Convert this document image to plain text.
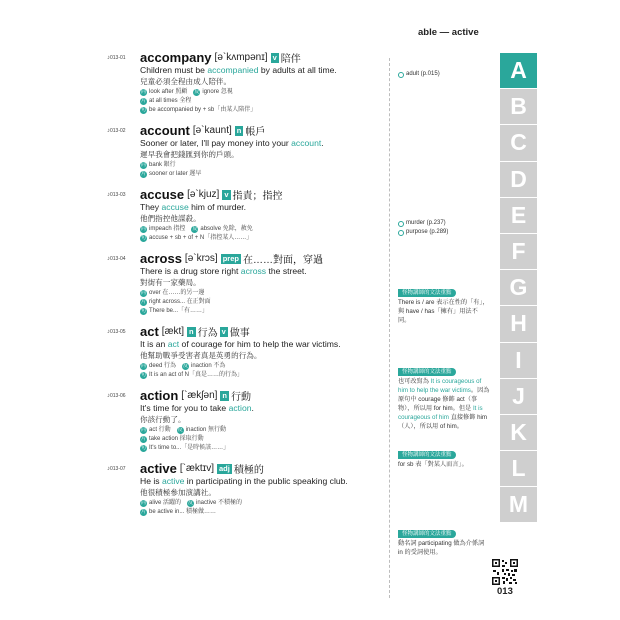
able — active
♪013-01 accompany [ə`kʌmpənɪ] v 陪伴
Children must be accompanied by adults at all time.
兒童必須全程由成人陪伴。
同 look after 照顧 反 ignore 忽視
片 at all times 全程
句 be accompanied by + sb「由某人陪伴」
♪013-02 account [ə`kaunt] n 帳戶
Sooner or later, I'll pay money into your account.
遲早我會把錢匯到你的戶頭。
同 bank 銀行
片 sooner or later 遲早
♪013-03 accuse [ə`kjuz] v 指責；指控
They accuse him of murder.
他們指控他謀殺。
同 impeach 指控 反 absolve 免除，赦免
句 accuse + sb + of + N「指控某人……」
♪013-04 across [ə`krɔs] prep 在……對面，穿過
There is a drug store right across the street.
對街有一家藥局。
同 over 在……的另一邊
片 right across... 在正對面
句 There be...「有……」
♪013-05 act [ækt] n 行為 v 做事
It is an act of courage for him to help the war victims.
他幫助戰爭受害者真是英勇的行為。
同 deed 行為 反 inaction 不為
句 It is an act of N「真是……的行為」
♪013-06 action [`ækʃən] n 行動
It's time for you to take action.
你該行動了。
同 act 行動 反 inaction 無行動
片 take action 採取行動
句 It's time to...「是時候該……」
♪013-07 active [`æktɪv] adj 積極的
He is active in participating in the public speaking club.
他很積極參加演講社。
同 alive 活躍的 反 inactive 不積極的
片 be active in... 積極做……
adult (p.015)
murder (p.237)
purpose (p.289)
怪物講師的文法重點
There is / are 表示在性的「有」，與 have / has「擁有」用法不同。
怪物講師的文法重點
也可改寫為 It is courageous of him to help the war victims。因為原句中 courage 修飾 act（事物），所以用 for him。但是 It is courageous of him 直接修飾 him（人），所以用 of him。
怪物講師的文法重點
for sb 表「對某人而言」。
怪物講師的文法重點
動名詞 participating 做為介係詞 in 的受詞使用。
A
B
C
D
E
F
G
H
I
J
K
L
M
013
